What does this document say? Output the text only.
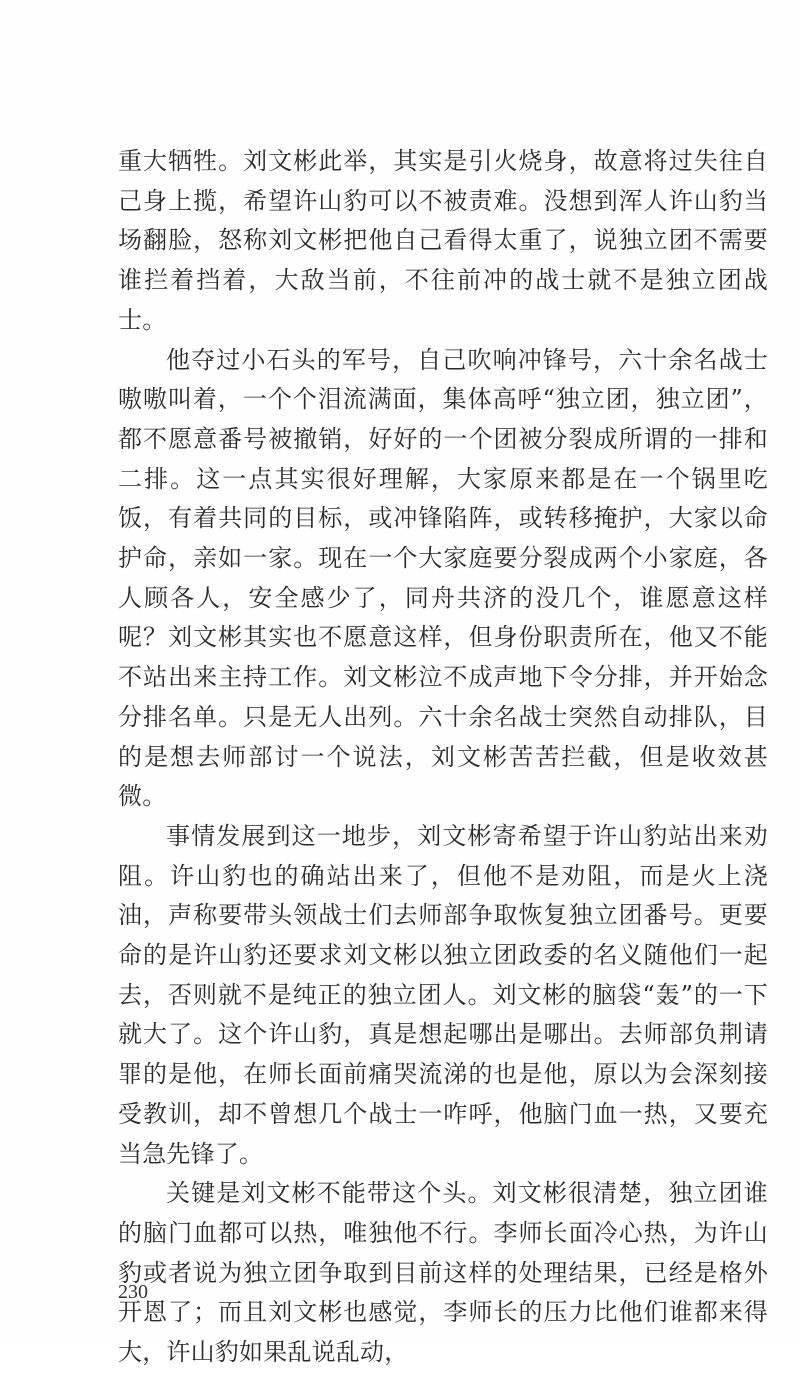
重大牺牲。刘文彬此举，其实是引火烧身，故意将过失往自己身上揽，希望许山豹可以不被责难。没想到浑人许山豹当场翻脸，怒称刘文彬把他自己看得太重了，说独立团不需要谁拦着挡着，大敌当前，不往前冲的战士就不是独立团战士。

他夺过小石头的军号，自己吹响冲锋号，六十余名战士嗷嗷叫着，一个个泪流满面，集体高呼“独立团，独立团”，都不愿意番号被撤销，好好的一个团被分裂成所谓的一排和二排。这一点其实很好理解，大家原来都是在一个锅里吃饭，有着共同的目标，或冲锋陷阵，或转移掩护，大家以命护命，亲如一家。现在一个大家庭要分裂成两个小家庭，各人顾各人，安全感少了，同舟共济的没几个，谁愿意这样呢？刘文彬其实也不愿意这样，但身份职责所在，他又不能不站出来主持工作。刘文彬泣不成声地下令分排，并开始念分排名单。只是无人出列。六十余名战士突然自动排队，目的是想去师部讨一个说法，刘文彬苦苦拦截，但是收效甚微。

事情发展到这一地步，刘文彬寄希望于许山豹站出来劝阻。许山豹也的确站出来了，但他不是劝阻，而是火上浇油，声称要带头领战士们去师部争取恢复独立团番号。更要命的是许山豹还要求刘文彬以独立团政委的名义随他们一起去，否则就不是纯正的独立团人。刘文彬的脑袋“轰”的一下就大了。这个许山豹，真是想起哪出是哪出。去师部负荆请罪的是他，在师长面前痛哭流涕的也是他，原以为会深刻接受教训，却不曾想几个战士一咋呼，他脑门血一热，又要充当急先锋了。

关键是刘文彬不能带这个头。刘文彬很清楚，独立团谁的脑门血都可以热，唯独他不行。李师长面冷心热，为许山豹或者说为独立团争取到目前这样的处理结果，已经是格外开恩了；而且刘文彬也感觉，李师长的压力比他们谁都来得大，许山豹如果乱说乱动，

230
